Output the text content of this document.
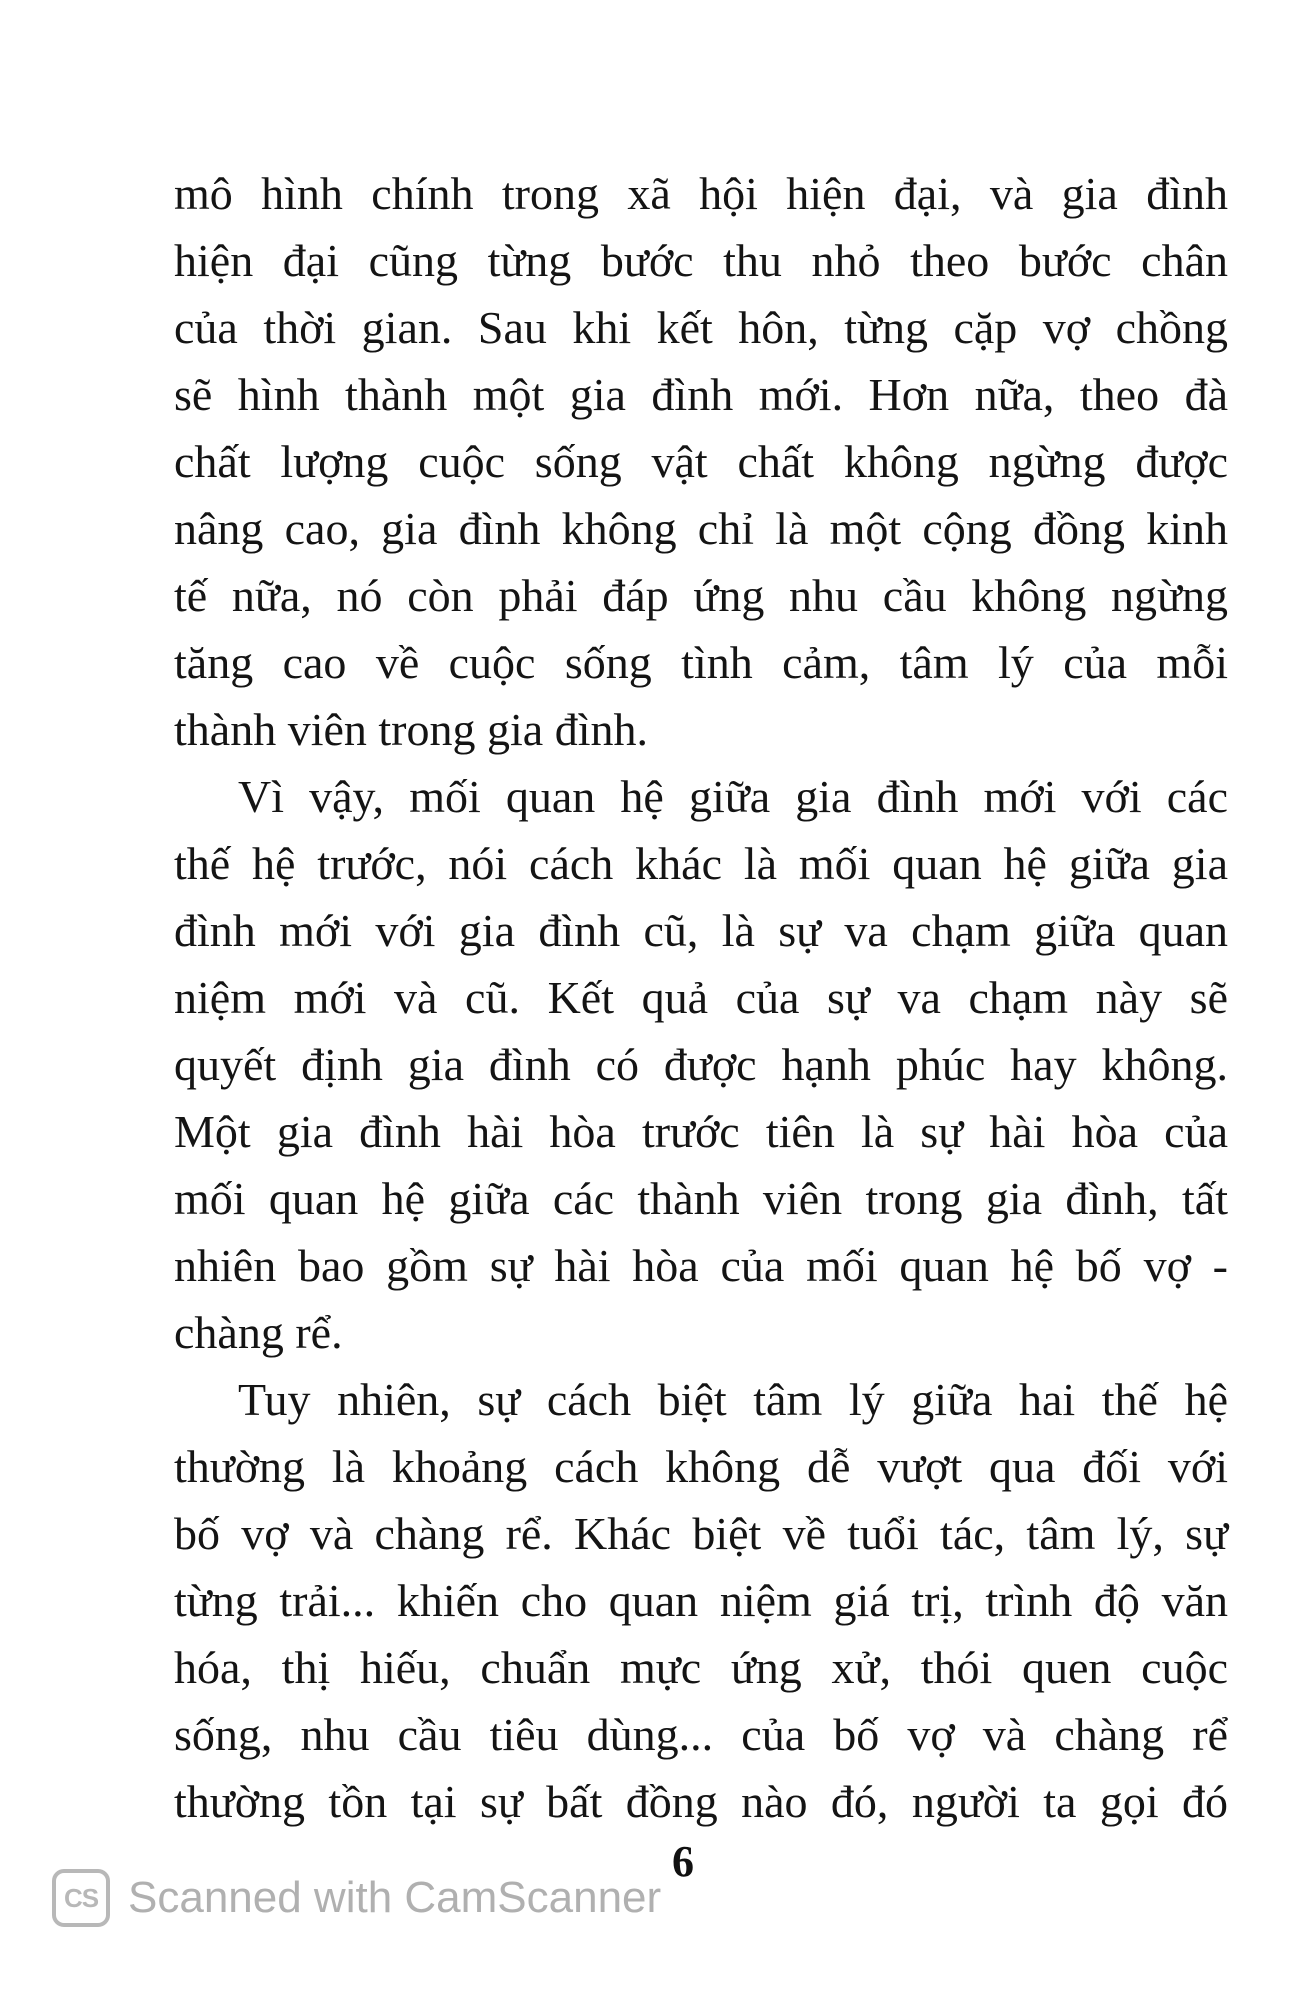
mô hình chính trong xã hội hiện đại, và gia đình
hiện đại cũng từng bước thu nhỏ theo bước chân
của thời gian. Sau khi kết hôn, từng cặp vợ chồng
sẽ hình thành một gia đình mới. Hơn nữa, theo đà
chất lượng cuộc sống vật chất không ngừng được
nâng cao, gia đình không chỉ là một cộng đồng kinh
tế nữa, nó còn phải đáp ứng nhu cầu không ngừng
tăng cao về cuộc sống tình cảm, tâm lý của mỗi
thành viên trong gia đình.
Vì vậy, mối quan hệ giữa gia đình mới với các
thế hệ trước, nói cách khác là mối quan hệ giữa gia
đình mới với gia đình cũ, là sự va chạm giữa quan
niệm mới và cũ. Kết quả của sự va chạm này sẽ
quyết định gia đình có được hạnh phúc hay không.
Một gia đình hài hòa trước tiên là sự hài hòa của
mối quan hệ giữa các thành viên trong gia đình, tất
nhiên bao gồm sự hài hòa của mối quan hệ bố vợ -
chàng rể.
Tuy nhiên, sự cách biệt tâm lý giữa hai thế hệ
thường là khoảng cách không dễ vượt qua đối với
bố vợ và chàng rể. Khác biệt về tuổi tác, tâm lý, sự
từng trải... khiến cho quan niệm giá trị, trình độ văn
hóa, thị hiếu, chuẩn mực ứng xử, thói quen cuộc
sống, nhu cầu tiêu dùng... của bố vợ và chàng rể
thường tồn tại sự bất đồng nào đó, người ta gọi đó
6
CS Scanned with CamScanner
